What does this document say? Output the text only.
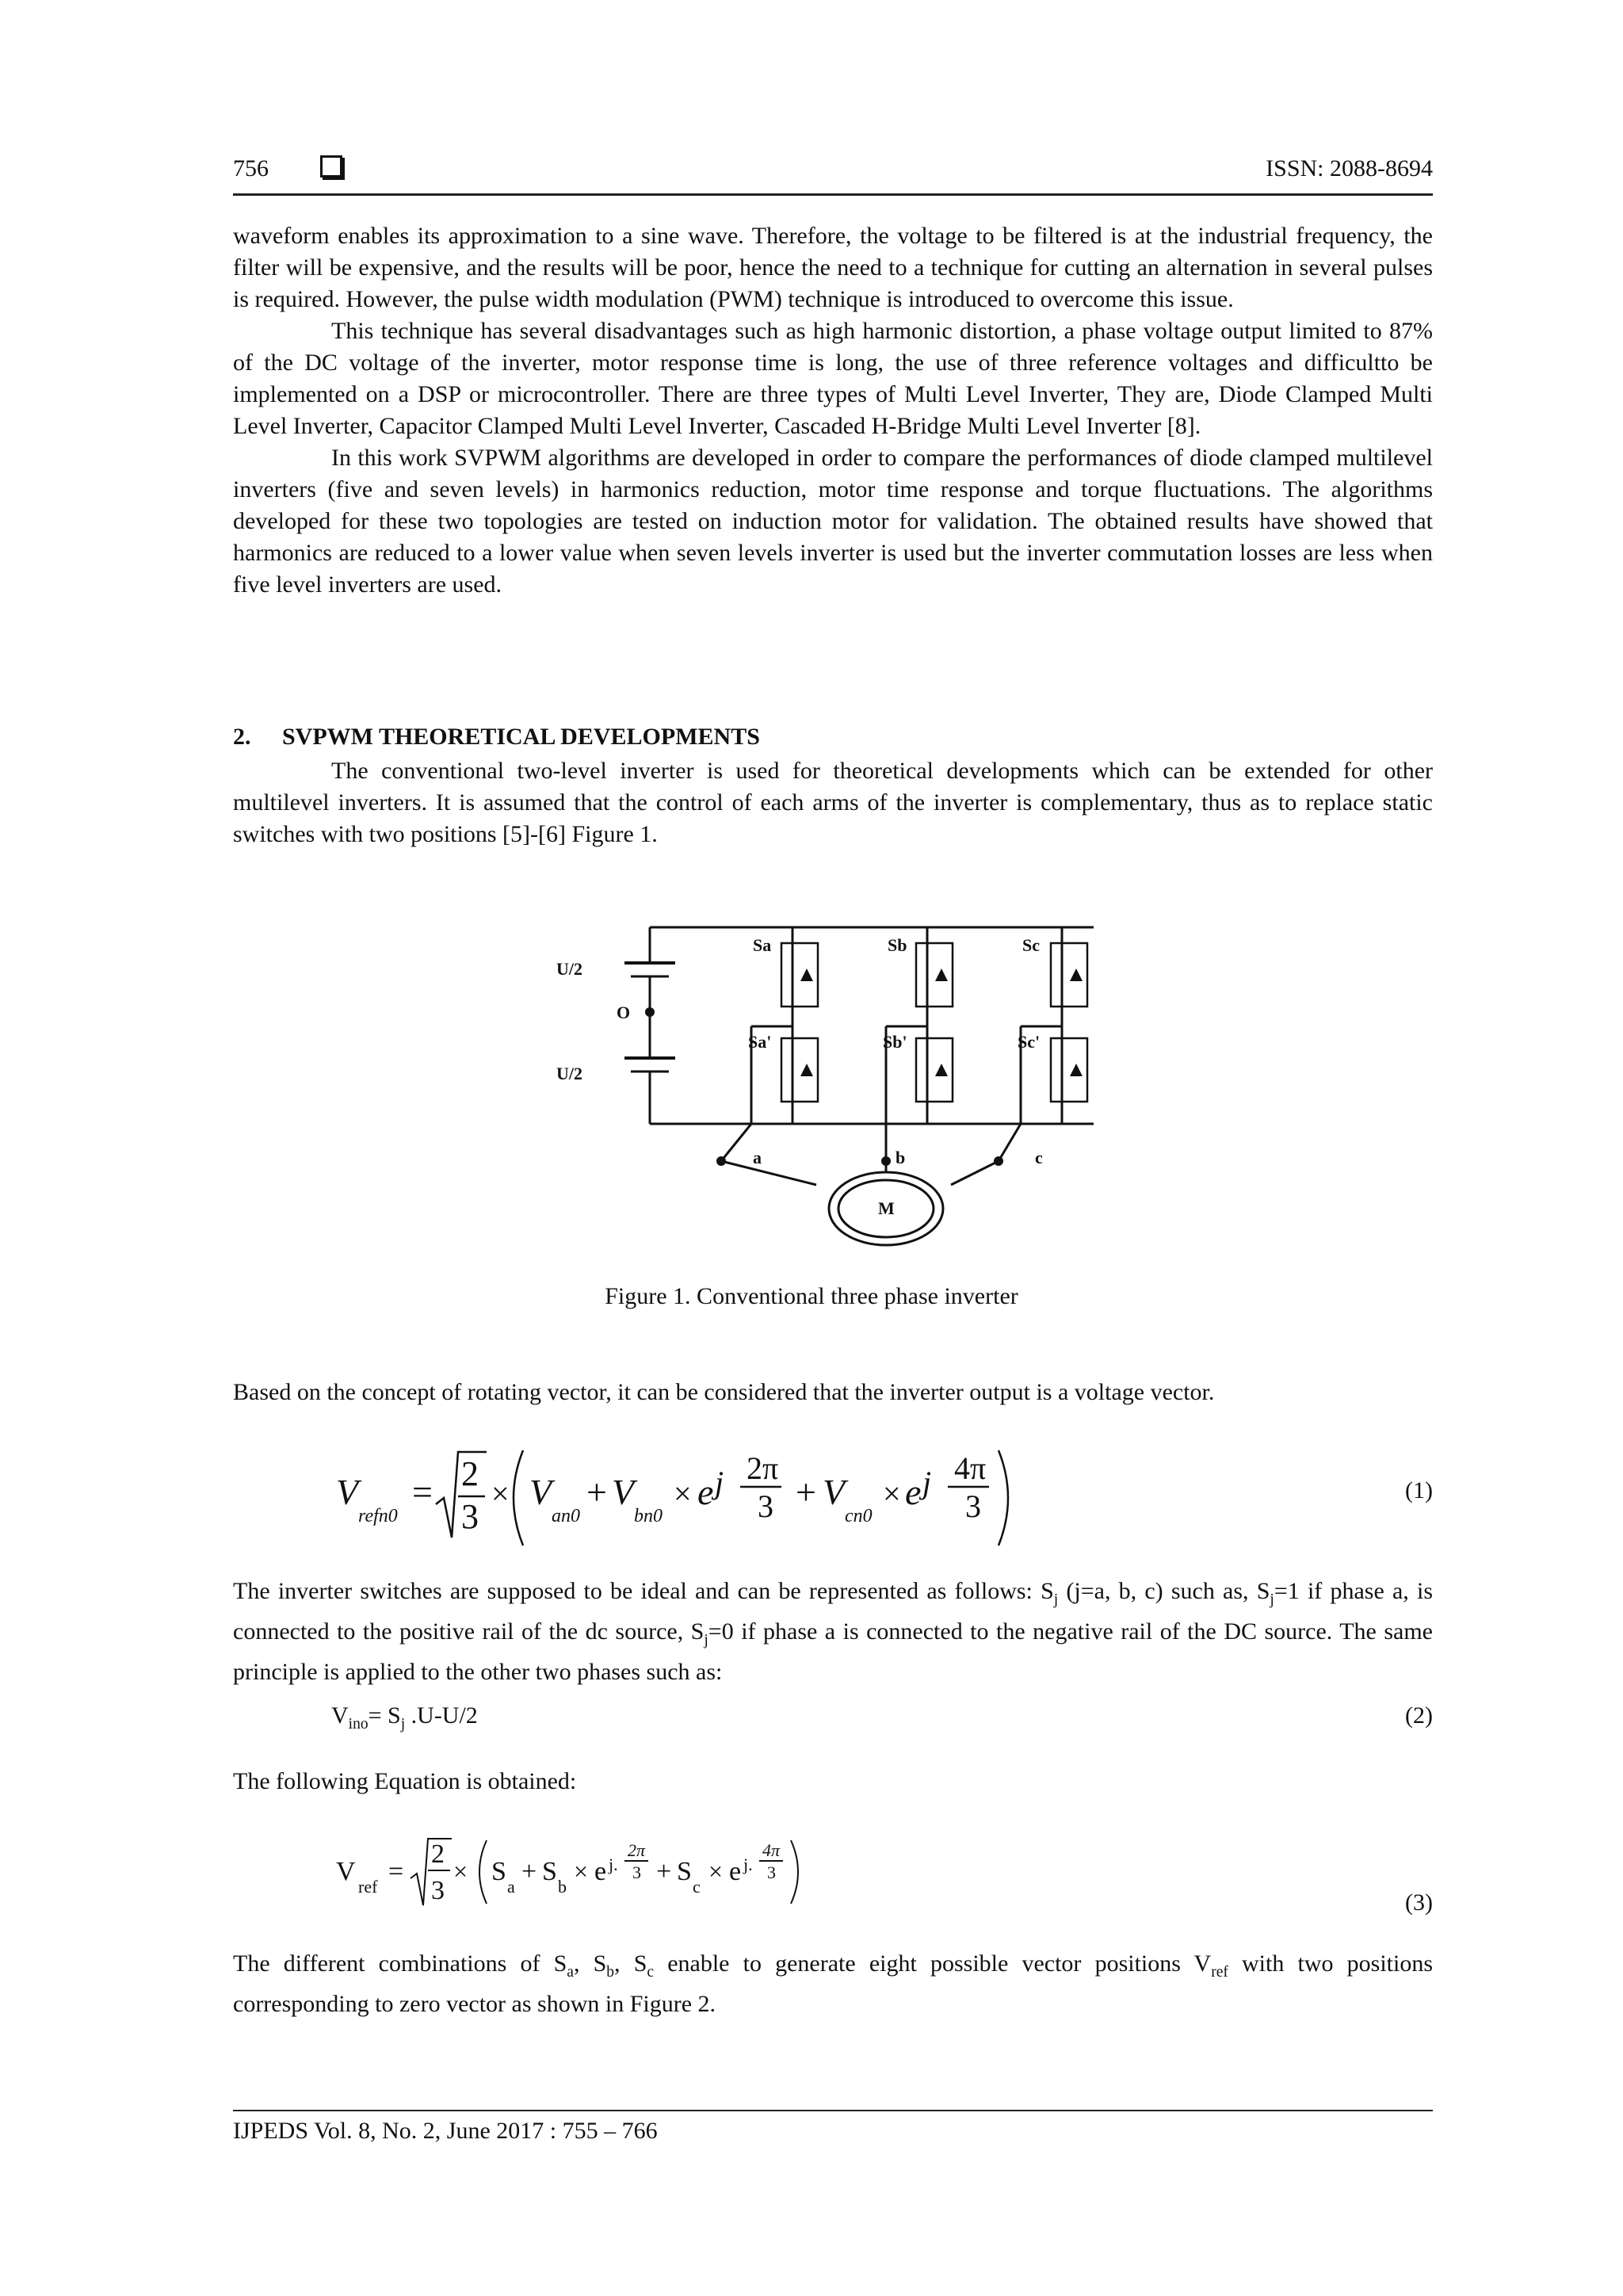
756	ISSN: 2088-8694

waveform enables its approximation to a sine wave. Therefore, the voltage to be filtered is at the industrial frequency, the filter will be expensive, and the results will be poor, hence the need to a technique for cutting an alternation in several pulses is required. However, the pulse width modulation (PWM) technique is introduced to overcome this issue.

This technique has several disadvantages such as high harmonic distortion, a phase voltage output limited to 87% of the DC voltage of the inverter, motor response time is long, the use of three reference voltages and difficultto be implemented on a DSP or microcontroller. There are three types of Multi Level Inverter, They are, Diode Clamped Multi Level Inverter, Capacitor Clamped Multi Level Inverter, Cascaded H-Bridge Multi Level Inverter [8].

In this work SVPWM algorithms are developed in order to compare the performances of diode clamped multilevel inverters (five and seven levels) in harmonics reduction, motor time response and torque fluctuations. The algorithms developed for these two topologies are tested on induction motor for validation. The obtained results have showed that harmonics are reduced to a lower value when seven levels inverter is used but the inverter commutation losses are less when five level inverters are used.

2. SVPWM THEORETICAL DEVELOPMENTS

The conventional two-level inverter is used for theoretical developments which can be extended for other multilevel inverters. It is assumed that the control of each arms of the inverter is complementary, thus as to replace static switches with two positions [5]-[6] Figure 1.

U/2
O
U/2
Sa	Sb	Sc
Sa'	Sb'	Sc'
a	b	c
M
Figure 1. Conventional three phase inverter
Based on the concept of rotating vector, it can be considered that the inverter output is a voltage vector.
V
refn0
= 2
3
× V
an0
+ V
bn0
× e j 2π
3 + V
cn0
× e j 4π
3	(1)
The inverter switches are supposed to be ideal and can be represented as follows: $S_j$ (j=a, b, c) such as, $S_j=1$ if phase a, is connected to the positive rail of the dc source, $S_j=0$ if phase a is connected to the negative rail of the DC source. The same principle is applied to the other two phases such as:
$V_{ino}= S_j$ .U-U/2	(2)
The following Equation is obtained:
V
ref
=
2
3
× S
a
+ S
b
× e j.
2π
3 + S
c
× e j.
4π
3
(3)
The different combinations of $S_a$, $S_b$, $S_c$ enable to generate eight possible vector positions $V_{ref}$ with two positions corresponding to zero vector as shown in Figure 2.
IJPEDS Vol. 8, No. 2, June 2017 : 755 – 766
